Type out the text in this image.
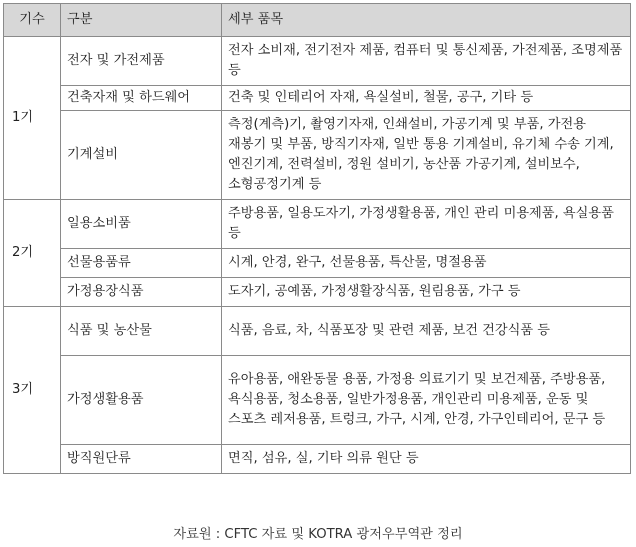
기수	구분	세부 품목
1기	전자 및 가전제품	전자 소비재, 전기전자 제품, 컴퓨터 및 통신제품, 가전제품, 조명제품 등
	건축자재 및 하드웨어	건축 및 인테리어 자재, 욕실설비, 철물, 공구, 기타 등
	기계설비	측정(계측)기, 촬영기자재, 인쇄설비, 가공기계 및 부품, 가전용 재봉기 및 부품, 방직기자재, 일반 통용 기계설비, 유기체 수송 기계, 엔진기계, 전력설비, 정원 설비기, 농산품 가공기계, 설비보수, 소형공정기계 등
2기	일용소비품	주방용품, 일용도자기, 가정생활용품, 개인 관리 미용제품, 욕실용품 등
	선물용품류	시계, 안경, 완구, 선물용품, 특산물, 명절용품
	가정용장식품	도자기, 공예품, 가정생활장식품, 원림용품, 가구 등
3기	식품 및 농산물	식품, 음료, 차, 식품포장 및 관련 제품, 보건 건강식품 등
	가정생활용품	유아용품, 애완동물 용품, 가정용 의료기기 및 보건제품, 주방용품, 욕식용품, 청소용품, 일반가정용품, 개인관리 미용제품, 운동 및 스포츠 레저용품, 트렁크, 가구, 시계, 안경, 가구인테리어, 문구 등
	방직원단류	면직, 섬유, 실, 기타 의류 원단 등
자료원 : CFTC 자료 및 KOTRA 광저우무역관 정리
